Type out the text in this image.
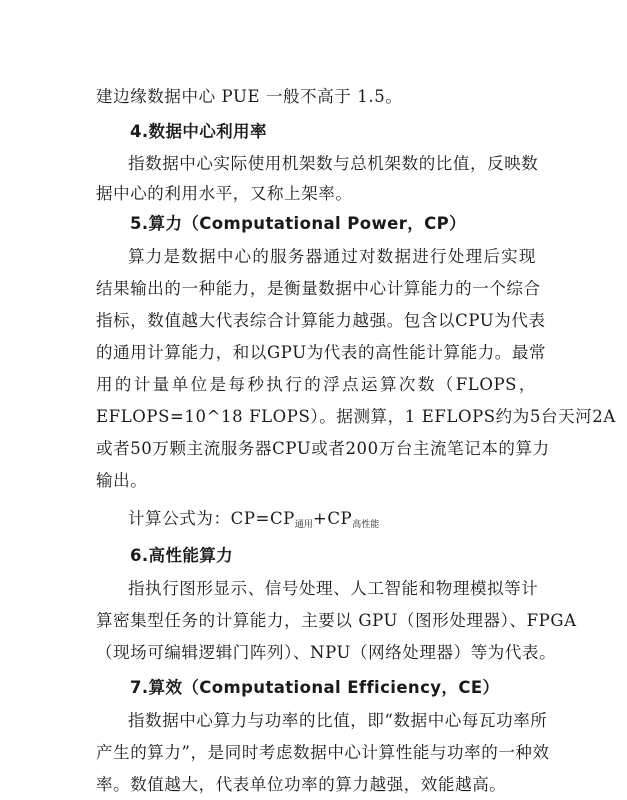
建边缘数据中心 PUE 一般不高于 1.5。
4.数据中心利用率
指数据中心实际使用机架数与总机架数的比值，反映数
据中心的利用水平，又称上架率。
5.算力（Computational Power，CP）
算力是数据中心的服务器通过对数据进行处理后实现
结果输出的一种能力，是衡量数据中心计算能力的一个综合
指标，数值越大代表综合计算能力越强。包含以CPU为代表
的通用计算能力，和以GPU为代表的高性能计算能力。最常
用的计量单位是每秒执行的浮点运算次数（FLOPS，
EFLOPS=10^18 FLOPS）。据测算，1 EFLOPS约为5台天河2A
或者50万颗主流服务器CPU或者200万台主流笔记本的算力
输出。
计算公式为：$CP=CP_{通用}+CP_{高性能}$
6.高性能算力
指执行图形显示、信号处理、人工智能和物理模拟等计
算密集型任务的计算能力，主要以 GPU（图形处理器）、FPGA
（现场可编辑逻辑门阵列）、NPU（网络处理器）等为代表。
7.算效（Computational Efficiency，CE）
指数据中心算力与功率的比值，即“数据中心每瓦功率所
产生的算力”，是同时考虑数据中心计算性能与功率的一种效
率。数值越大，代表单位功率的算力越强，效能越高。
